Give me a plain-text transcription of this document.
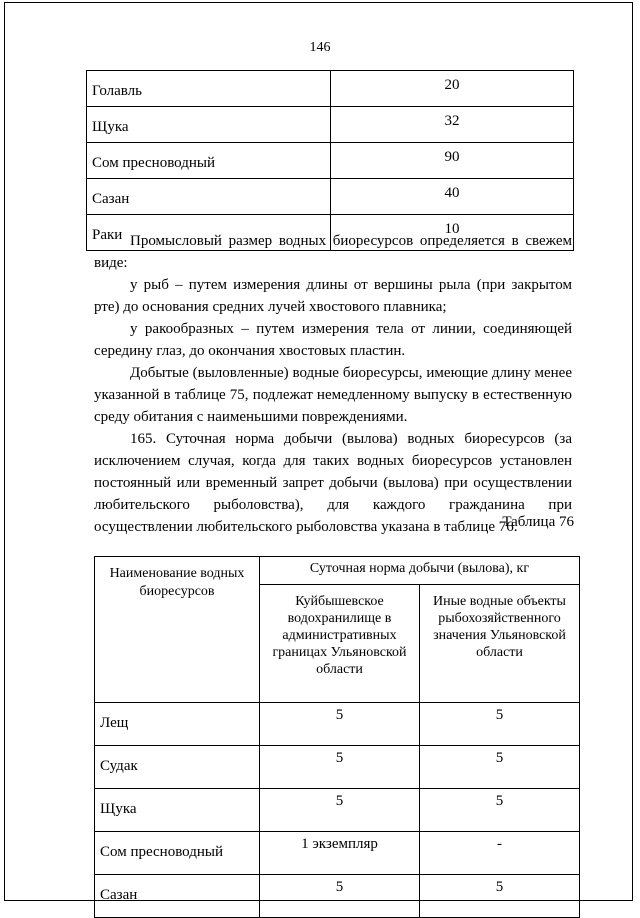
146
Голавль	20
Щука	32
Сом пресноводный	90
Сазан	40
Раки	10

Промысловый размер водных биоресурсов определяется в свежем виде:

у рыб – путем измерения длины от вершины рыла (при закрытом рте) до основания средних лучей хвостового плавника;

у ракообразных – путем измерения тела от линии, соединяющей середину глаз, до окончания хвостовых пластин.

Добытые (выловленные) водные биоресурсы, имеющие длину менее указанной в таблице 75, подлежат немедленному выпуску в естественную среду обитания с наименьшими повреждениями.

165. Суточная норма добычи (вылова) водных биоресурсов (за исключением случая, когда для таких водных биоресурсов установлен постоянный или временный запрет добычи (вылова) при осуществлении любительского рыболовства), для каждого гражданина при осуществлении любительского рыболовства указана в таблице 76.

Таблица 76
Наименование водных биоресурсов	Суточная норма добычи (вылова), кг	
	Куйбышевское водохранилище в административных границах Ульяновской области	Иные водные объекты рыбохозяйственного значения Ульяновской области
Лещ	5	5
Судак	5	5
Щука	5	5
Сом пресноводный	1 экземпляр	-
Сазан	5	5
